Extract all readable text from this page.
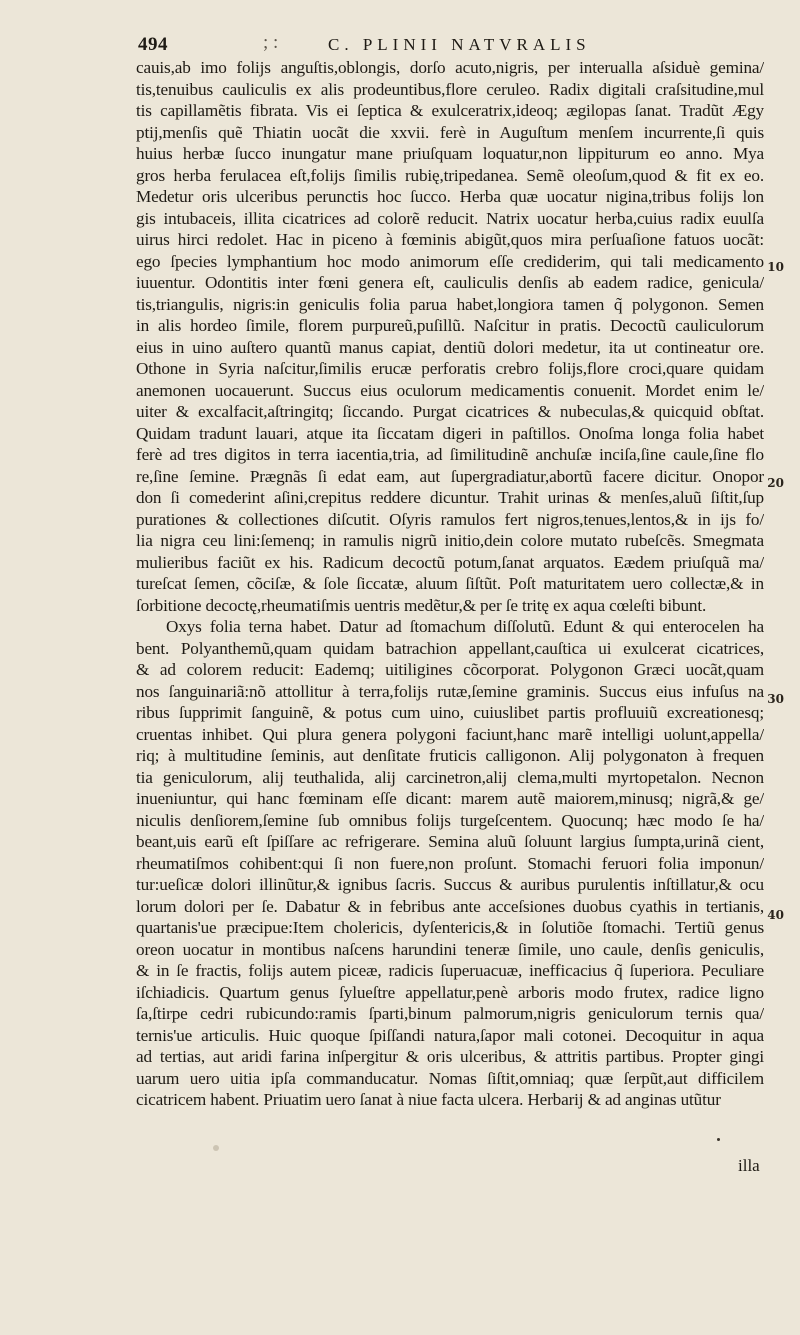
494	; :	C. PLINII NATVRALIS
cauis,ab imo folijs anguſtis,oblongis, dorſo acuto,nigris, per interualla aſsiduè gemina/
tis,tenuibus cauliculis ex alis prodeuntibus,flore ceruleo. Radix digitali craſsitudine,mul
tis capillamẽtis fibrata. Vis ei ſeptica & exulceratrix,ideoq; ægilopas ſanat. Tradũt Ægy
ptij,menſis quẽ Thiatin uocãt die xxvii. ferè in Auguſtum menſem incurrente,ſi quis
huius herbæ ſucco inungatur mane priuſquam loquatur,non lippiturum eo anno. Mya
gros herba ferulacea eſt,folijs ſimilis rubię,tripedanea. Semẽ oleoſum,quod & fit ex eo.
Medetur oris ulceribus perunctis hoc ſucco. Herba quæ uocatur nigina,tribus folijs lon
gis intubaceis, illita cicatrices ad colorẽ reducit. Natrix uocatur herba,cuius radix euulſa
uirus hirci redolet. Hac in piceno à fœminis abigũt,quos mira perſuaſione fatuos uocãt:
ego ſpecies lymphantium hoc modo animorum eſſe crediderim, qui tali medicamento
iuuentur. Odontitis inter fœni genera eſt, cauliculis denſis ab eadem radice, genicula/
tis,triangulis, nigris:in geniculis folia parua habet,longiora tamen q̃ polygonon. Semen
in alis hordeo ſimile, florem purpureũ,puſillũ. Naſcitur in pratis. Decoctũ cauliculorum
eius in uino auſtero quantũ manus capiat, dentiũ dolori medetur, ita ut contineatur ore.
Othone in Syria naſcitur,ſimilis erucæ perforatis crebro folijs,flore croci,quare quidam
anemonen uocauerunt. Succus eius oculorum medicamentis conuenit. Mordet enim le/
uiter & excalfacit,aſtringitq; ſiccando. Purgat cicatrices & nubeculas,& quicquid obſtat.
Quidam tradunt lauari, atque ita ſiccatam digeri in paſtillos. Onoſma longa folia habet
ferè ad tres digitos in terra iacentia,tria, ad ſimilitudinẽ anchuſæ inciſa,ſine caule,ſine flo
re,ſine ſemine. Prægnãs ſi edat eam, aut ſupergradiatur,abortũ facere dicitur. Onopor
don ſi comederint aſini,crepitus reddere dicuntur. Trahit urinas & menſes,aluũ ſiſtit,ſup
purationes & collectiones diſcutit. Oſyris ramulos fert nigros,tenues,lentos,& in ijs fo/
lia nigra ceu lini:ſemenq; in ramulis nigrũ initio,dein colore mutato rubeſcẽs. Smegmata
mulieribus faciũt ex his. Radicum decoctũ potum,ſanat arquatos. Eædem priuſquã ma/
tureſcat ſemen, cõciſæ, & ſole ſiccatæ, aluum ſiſtũt. Poſt maturitatem uero collectæ,& in
ſorbitione decoctę,rheumatiſmis uentris medẽtur,& per ſe tritę ex aqua cœleſti bibunt.
Oxys folia terna habet. Datur ad ſtomachum diſſolutũ. Edunt & qui enterocelen ha
bent. Polyanthemũ,quam quidam batrachion appellant,cauſtica ui exulcerat cicatrices,
& ad colorem reducit: Eademq; uitiligines cõcorporat. Polygonon Græci uocãt,quam
nos ſanguinariã:nõ attollitur à terra,folijs rutæ,ſemine graminis. Succus eius infuſus na
ribus ſupprimit ſanguinẽ, & potus cum uino, cuiuslibet partis profluuiũ excreationesq;
cruentas inhibet. Qui plura genera polygoni faciunt,hanc marẽ intelligi uolunt,appella/
riq; à multitudine ſeminis, aut denſitate fruticis calligonon. Alij polygonaton à frequen
tia geniculorum, alij teuthalida, alij carcinetron,alij clema,multi myrtopetalon. Necnon
inueniuntur, qui hanc fœminam eſſe dicant: marem autẽ maiorem,minusq; nigrã,& ge/
niculis denſiorem,ſemine ſub omnibus folijs turgeſcentem. Quocunq; hæc modo ſe ha/
beant,uis earũ eſt ſpiſſare ac refrigerare. Semina aluũ ſoluunt largius ſumpta,urinã cient,
rheumatiſmos cohibent:qui ſi non fuere,non proſunt. Stomachi feruori folia imponun/
tur:ueſicæ dolori illinũtur,& ignibus ſacris. Succus & auribus purulentis inſtillatur,& ocu
lorum dolori per ſe. Dabatur & in febribus ante acceſsiones duobus cyathis in tertianis,
quartanis'ue præcipue:Item cholericis, dyſentericis,& in ſolutiõe ſtomachi. Tertiũ genus
oreon uocatur in montibus naſcens harundini teneræ ſimile, uno caule, denſis geniculis,
& in ſe fractis, folijs autem piceæ, radicis ſuperuacuæ, inefficacius q̃ ſuperiora. Peculiare
iſchiadicis. Quartum genus ſylueſtre appellatur,penè arboris modo frutex, radice ligno
ſa,ſtirpe cedri rubicundo:ramis ſparti,binum palmorum,nigris geniculorum ternis qua/
ternis'ue articulis. Huic quoque ſpiſſandi natura,ſapor mali cotonei. Decoquitur in aqua
ad tertias, aut aridi farina inſpergitur & oris ulceribus, & attritis partibus. Propter gingi
uarum uero uitia ipſa commanducatur. Nomas ſiſtit,omniaq; quæ ſerpũt,aut difficilem
cicatricem habent. Priuatim uero ſanat à niue facta ulcera. Herbarij & ad anginas utũtur
10
20
30
40
illa
